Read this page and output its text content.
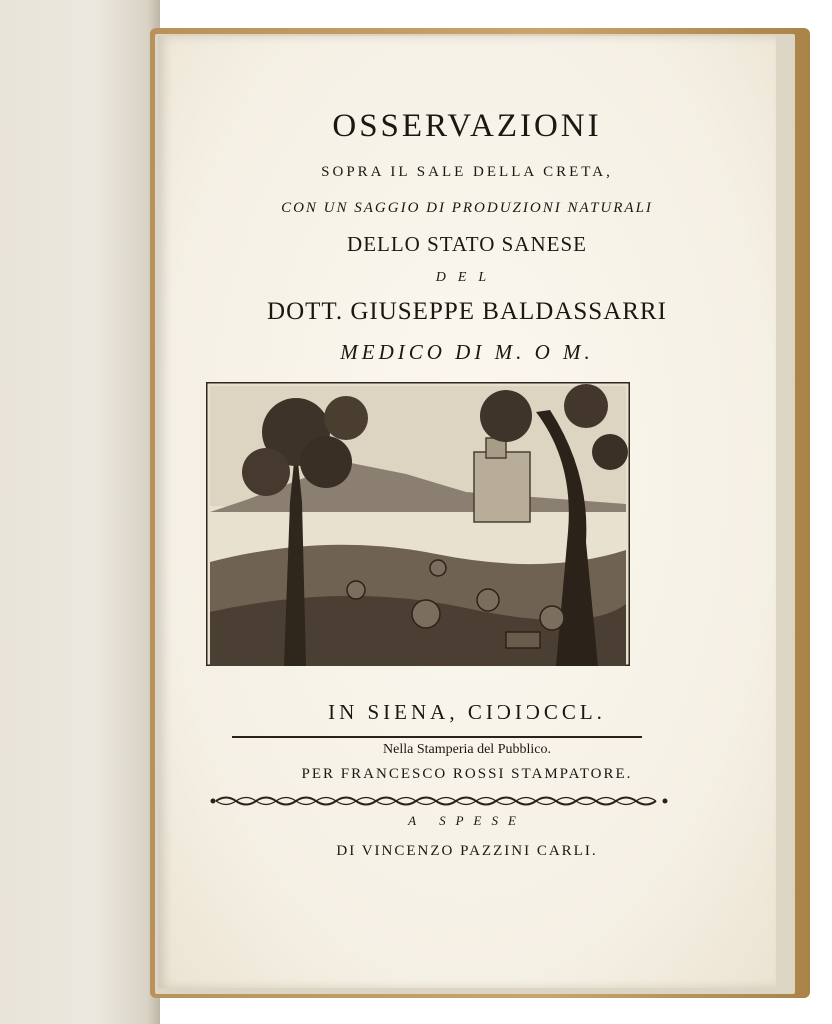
OSSERVAZIONI
SOPRA IL SALE DELLA CRETA,
CON UN SAGGIO DI PRODUZIONI NATURALI
DELLO STATO SANESE
DEL
DOTT. GIUSEPPE BALDASSARRI
MEDICO DI M. O M.
IN SIENA, CIƆIƆCCL.
Nella Stamperia del Pubblico.
PER FRANCESCO ROSSI STAMPATORE.
A SPESE
DI VINCENZO PAZZINI CARLI.
